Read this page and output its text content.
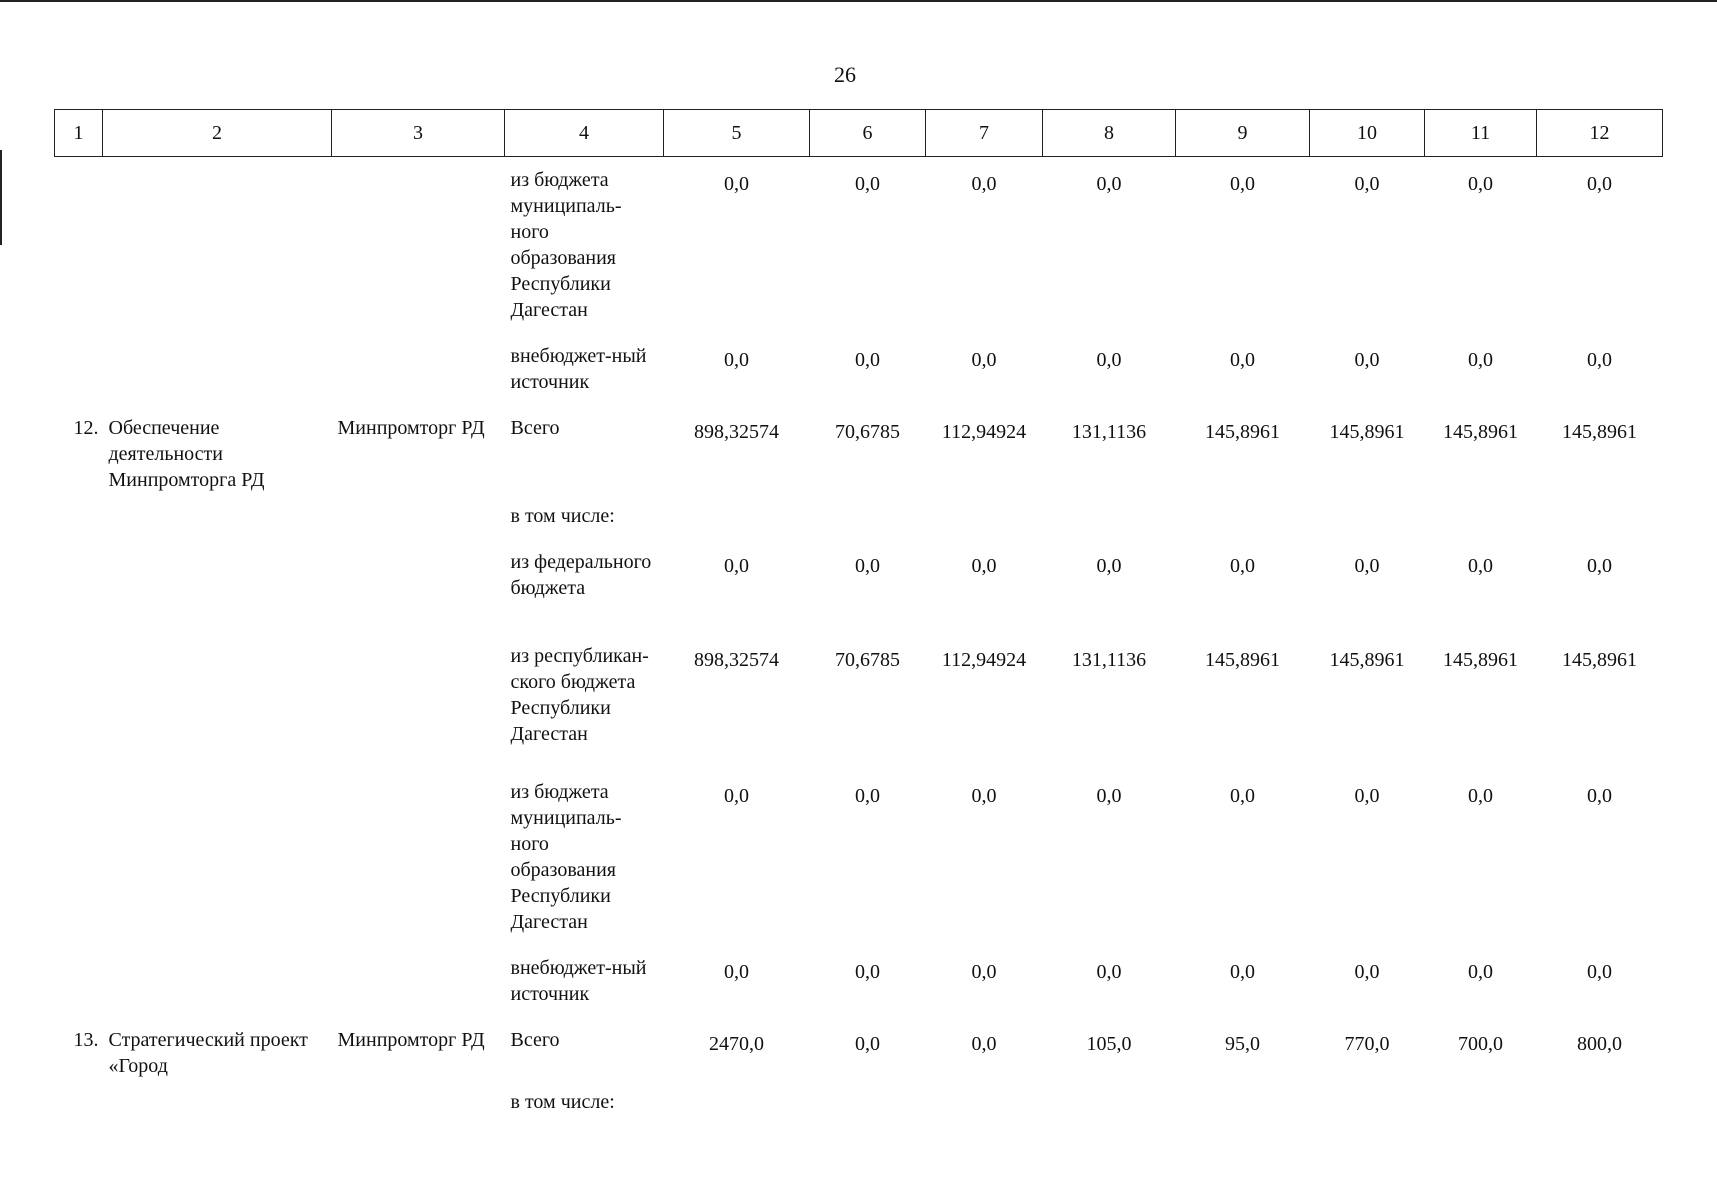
26
1	2	3	4	5	6	7	8	9	10	11	12
			из бюджета муниципаль-ного образования Республики Дагестан	0,0	0,0	0,0	0,0	0,0	0,0	0,0	0,0
			внебюджет-ный источник	0,0	0,0	0,0	0,0	0,0	0,0	0,0	0,0
12.	Обеспечение деятельности Минпромторга РД	Минпромторг РД	Всего	898,32574	70,6785	112,94924	131,1136	145,8961	145,8961	145,8961	145,8961
			в том числе:								
			из федерального бюджета	0,0	0,0	0,0	0,0	0,0	0,0	0,0	0,0
			из республикан-ского бюджета Республики Дагестан	898,32574	70,6785	112,94924	131,1136	145,8961	145,8961	145,8961	145,8961
			из бюджета муниципаль-ного образования Республики Дагестан	0,0	0,0	0,0	0,0	0,0	0,0	0,0	0,0
			внебюджет-ный источник	0,0	0,0	0,0	0,0	0,0	0,0	0,0	0,0
13.	Стратегический проект «Город	Минпромторг РД	Всего	2470,0	0,0	0,0	105,0	95,0	770,0	700,0	800,0
			в том числе:								
